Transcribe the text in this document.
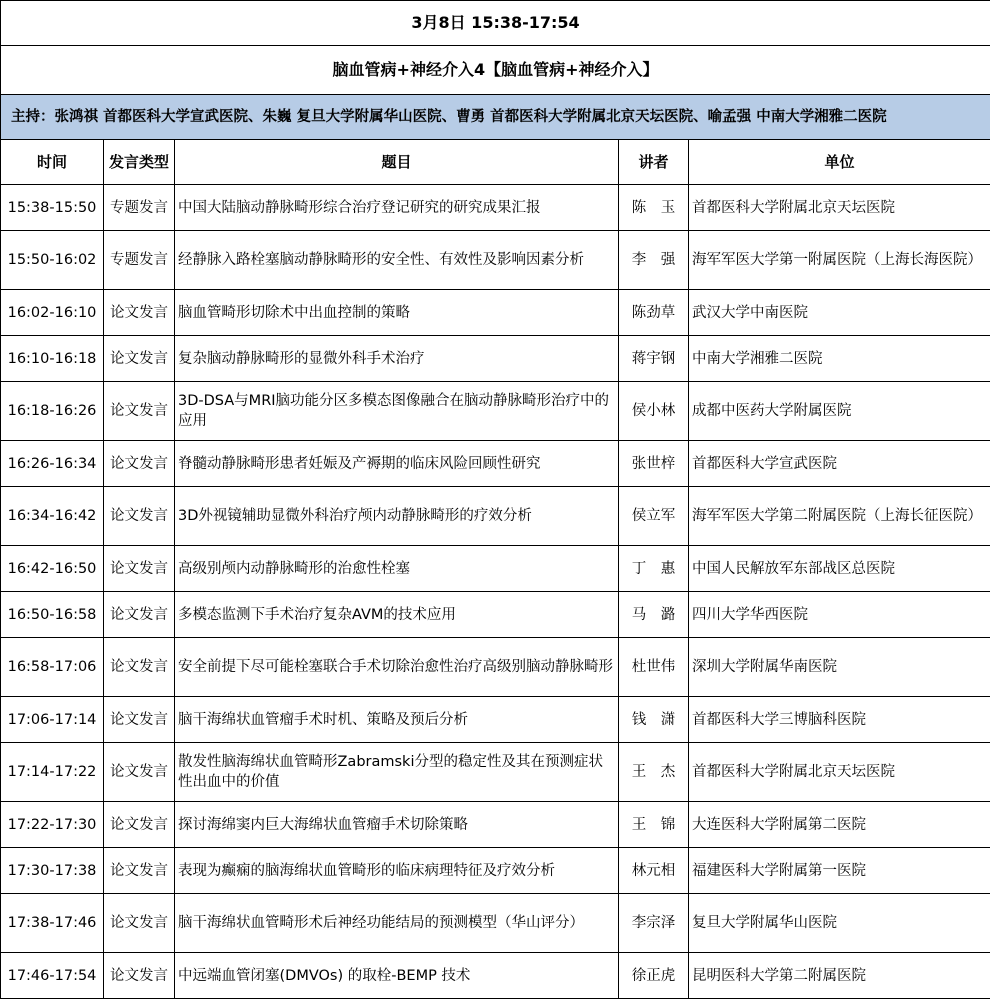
3月8日 15:38-17:54				
脑血管病+神经介入4【脑血管病+神经介入】				
主持：张鸿祺 首都医科大学宣武医院、朱巍 复旦大学附属华山医院、曹勇 首都医科大学附属北京天坛医院、喻孟强 中南大学湘雅二医院				
时间	发言类型	题目	讲者	单位
15:38-15:50	专题发言	中国大陆脑动静脉畸形综合治疗登记研究的研究成果汇报	陈　玉	首都医科大学附属北京天坛医院
15:50-16:02	专题发言	经静脉入路栓塞脑动静脉畸形的安全性、有效性及影响因素分析	李　强	海军军医大学第一附属医院（上海长海医院）
16:02-16:10	论文发言	脑血管畸形切除术中出血控制的策略	陈劲草	武汉大学中南医院
16:10-16:18	论文发言	复杂脑动静脉畸形的显微外科手术治疗	蒋宇钢	中南大学湘雅二医院
16:18-16:26	论文发言	3D-DSA与MRI脑功能分区多模态图像融合在脑动静脉畸形治疗中的应用	侯小林	成都中医药大学附属医院
16:26-16:34	论文发言	脊髓动静脉畸形患者妊娠及产褥期的临床风险回顾性研究	张世梓	首都医科大学宣武医院
16:34-16:42	论文发言	3D外视镜辅助显微外科治疗颅内动静脉畸形的疗效分析	侯立军	海军军医大学第二附属医院（上海长征医院）
16:42-16:50	论文发言	高级别颅内动静脉畸形的治愈性栓塞	丁　惠	中国人民解放军东部战区总医院
16:50-16:58	论文发言	多模态监测下手术治疗复杂AVM的技术应用	马　潞	四川大学华西医院
16:58-17:06	论文发言	安全前提下尽可能栓塞联合手术切除治愈性治疗高级别脑动静脉畸形	杜世伟	深圳大学附属华南医院
17:06-17:14	论文发言	脑干海绵状血管瘤手术时机、策略及预后分析	钱　潇	首都医科大学三博脑科医院
17:14-17:22	论文发言	散发性脑海绵状血管畸形Zabramski分型的稳定性及其在预测症状性出血中的价值	王　杰	首都医科大学附属北京天坛医院
17:22-17:30	论文发言	探讨海绵窦内巨大海绵状血管瘤手术切除策略	王　锦	大连医科大学附属第二医院
17:30-17:38	论文发言	表现为癫痫的脑海绵状血管畸形的临床病理特征及疗效分析	林元相	福建医科大学附属第一医院
17:38-17:46	论文发言	脑干海绵状血管畸形术后神经功能结局的预测模型（华山评分）	李宗泽	复旦大学附属华山医院
17:46-17:54	论文发言	中远端血管闭塞(DMVOs) 的取栓-BEMP 技术	徐正虎	昆明医科大学第二附属医院
